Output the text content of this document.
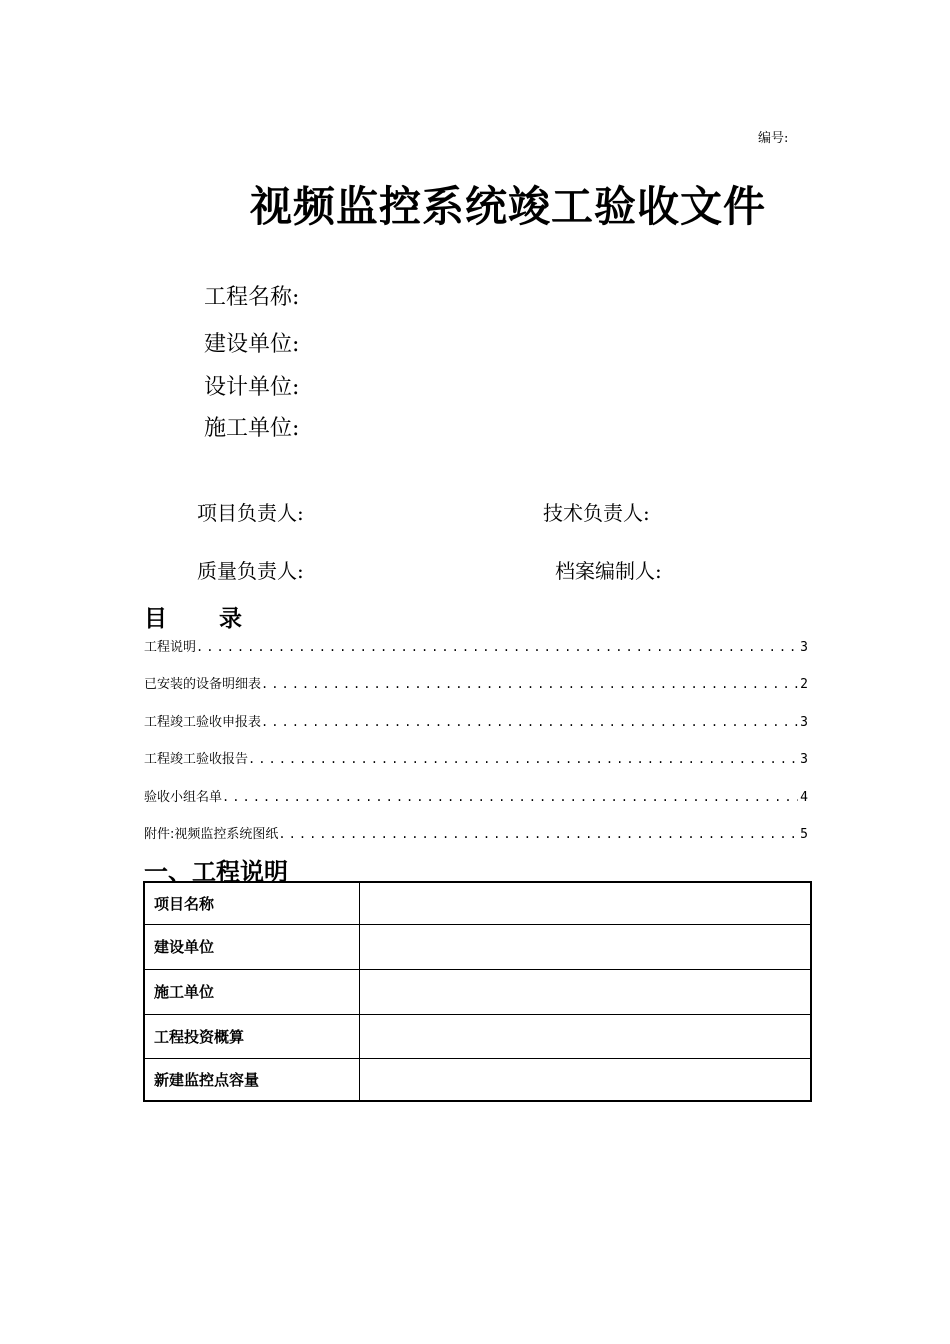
编号:
视频监控系统竣工验收文件
工程名称:
建设单位:
设计单位:
施工单位:
项目负责人:	技术负责人:
质量负责人:	档案编制人:
目 录
工程说明 .....	3
已安装的设备明细表 .....	2
工程竣工验收申报表 .....	3
工程竣工验收报告 .....	3
验收小组名单 .....	4
附件:视频监控系统图纸 .....	5
一、工程说明
项目名称	
建设单位	
施工单位	
工程投资概算	
新建监控点容量	
